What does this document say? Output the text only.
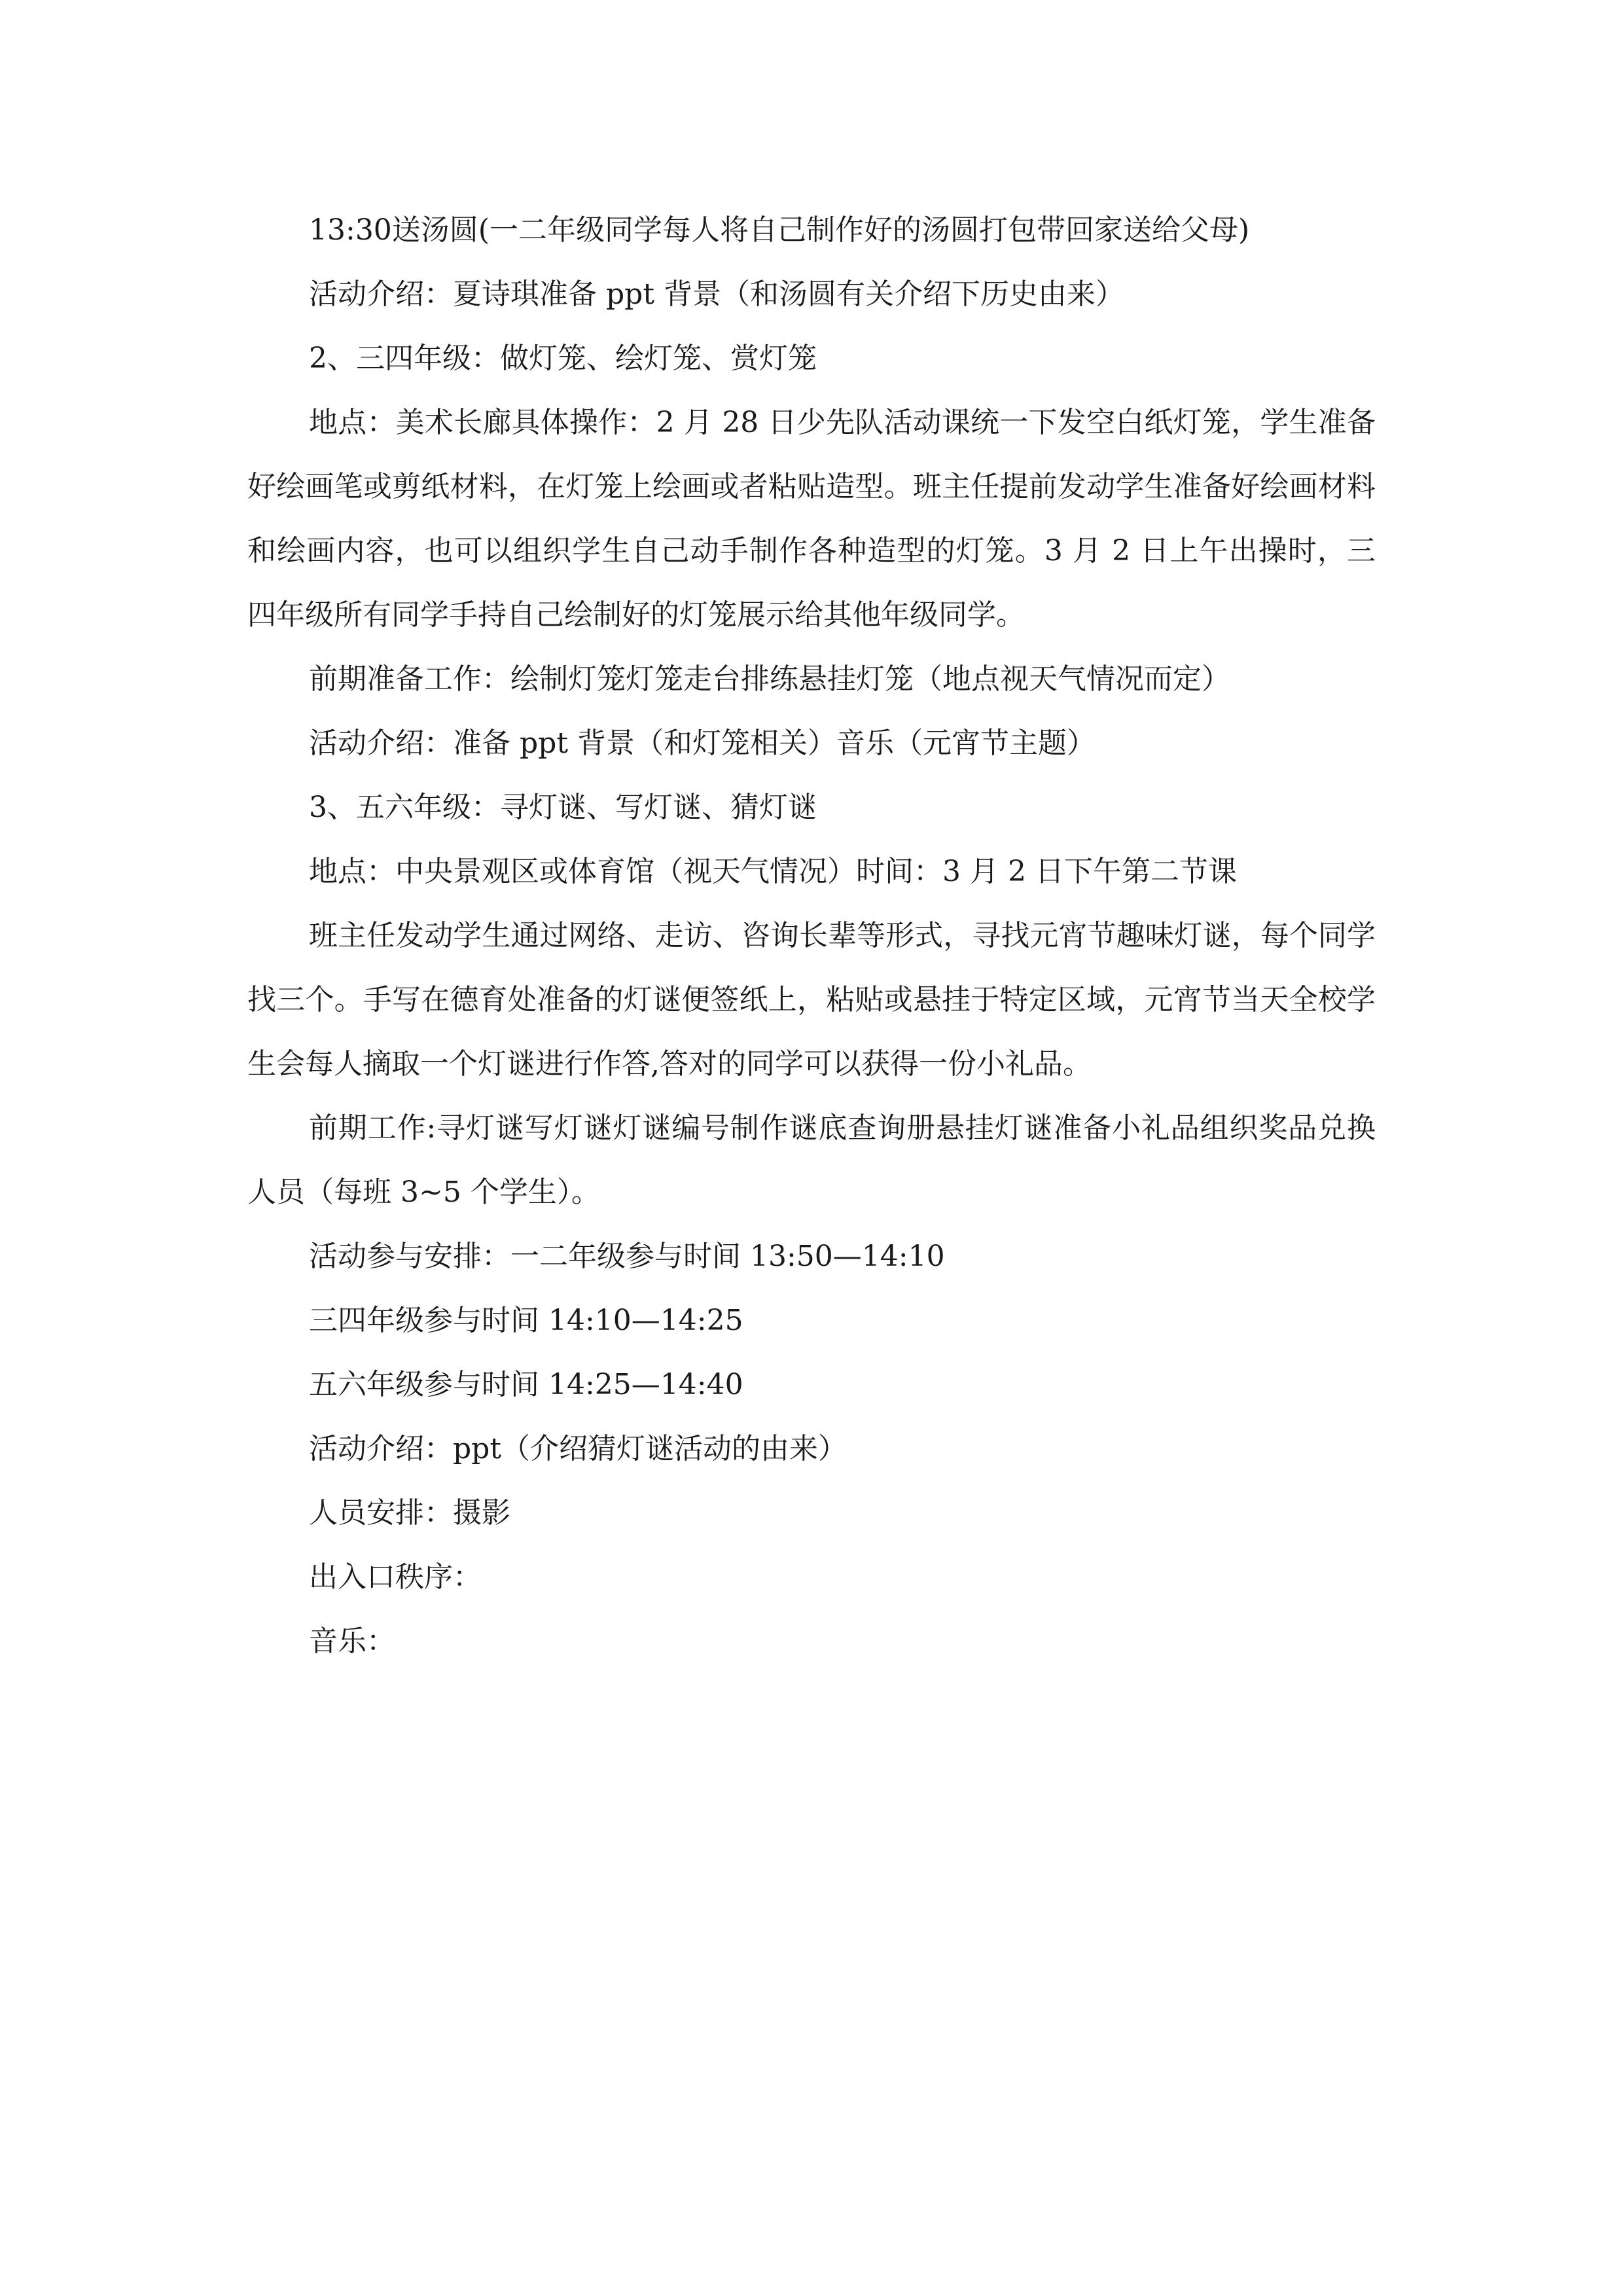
13:30送汤圆(一二年级同学每人将自己制作好的汤圆打包带回家送给父母)

活动介绍：夏诗琪准备 ppt 背景（和汤圆有关介绍下历史由来）

2、三四年级：做灯笼、绘灯笼、赏灯笼

地点：美术长廊具体操作：2 月 28 日少先队活动课统一下发空白纸灯笼，学生准备好绘画笔或剪纸材料，在灯笼上绘画或者粘贴造型。班主任提前发动学生准备好绘画材料和绘画内容，也可以组织学生自己动手制作各种造型的灯笼。3 月 2 日上午出操时，三四年级所有同学手持自己绘制好的灯笼展示给其他年级同学。

前期准备工作：绘制灯笼灯笼走台排练悬挂灯笼（地点视天气情况而定）

活动介绍：准备 ppt 背景（和灯笼相关）音乐（元宵节主题）

3、五六年级：寻灯谜、写灯谜、猜灯谜

地点：中央景观区或体育馆（视天气情况）时间：3 月 2 日下午第二节课

班主任发动学生通过网络、走访、咨询长辈等形式，寻找元宵节趣味灯谜，每个同学找三个。手写在德育处准备的灯谜便签纸上，粘贴或悬挂于特定区域，元宵节当天全校学生会每人摘取一个灯谜进行作答,答对的同学可以获得一份小礼品。

前期工作:寻灯谜写灯谜灯谜编号制作谜底查询册悬挂灯谜准备小礼品组织奖品兑换人员（每班 3~5 个学生）。

活动参与安排：一二年级参与时间 13:50—14:10

三四年级参与时间 14:10—14:25

五六年级参与时间 14:25—14:40

活动介绍：ppt（介绍猜灯谜活动的由来）

人员安排：摄影

出入口秩序：

音乐：
